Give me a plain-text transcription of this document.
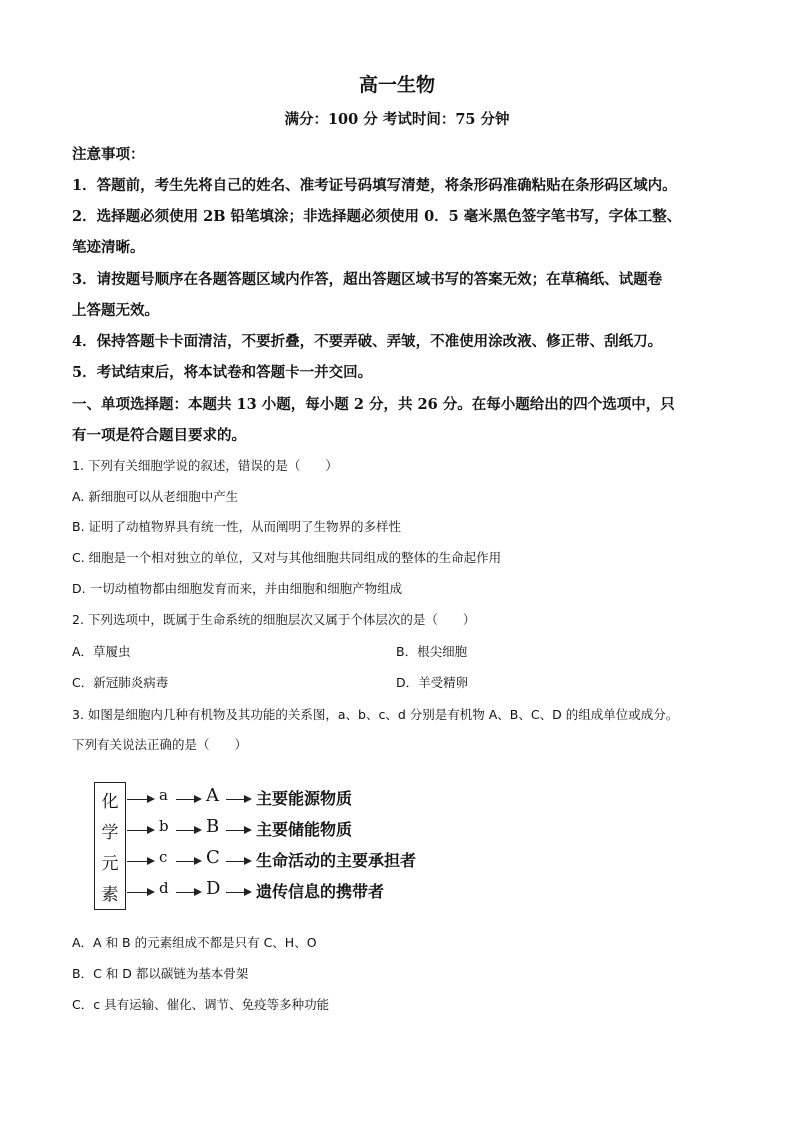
高一生物
满分：100 分 考试时间：75 分钟
注意事项：
1．答题前，考生先将自己的姓名、准考证号码填写清楚，将条形码准确粘贴在条形码区域内。
2．选择题必须使用 2B 铅笔填涂；非选择题必须使用 0．5 毫米黑色签字笔书写，字体工整、
笔迹清晰。
3．请按题号顺序在各题答题区域内作答，超出答题区域书写的答案无效；在草稿纸、试题卷
上答题无效。
4．保持答题卡卡面清洁，不要折叠，不要弄破、弄皱，不准使用涂改液、修正带、刮纸刀。
5．考试结束后，将本试卷和答题卡一并交回。
一、单项选择题：本题共 13 小题，每小题 2 分，共 26 分。在每小题给出的四个选项中，只
有一项是符合题目要求的。
1. 下列有关细胞学说的叙述，错误的是（　　）
A. 新细胞可以从老细胞中产生
B. 证明了动植物界具有统一性，从而阐明了生物界的多样性
C. 细胞是一个相对独立的单位，又对与其他细胞共同组成的整体的生命起作用
D. 一切动植物都由细胞发育而来，并由细胞和细胞产物组成
2. 下列选项中，既属于生命系统的细胞层次又属于个体层次的是（　　）
A．草履虫	B．根尖细胞
C．新冠肺炎病毒	D．羊受精卵
3. 如图是细胞内几种有机物及其功能的关系图，a、b、c、d 分别是有机物 A、B、C、D 的组成单位或成分。
下列有关说法正确的是（　　）
化
学
元
素
a A 主要能源物质
b B 主要储能物质
c C 生命活动的主要承担者
d D 遗传信息的携带者
A．A 和 B 的元素组成不都是只有 C、H、O
B．C 和 D 都以碳链为基本骨架
C．c 具有运输、催化、调节、免疫等多种功能
